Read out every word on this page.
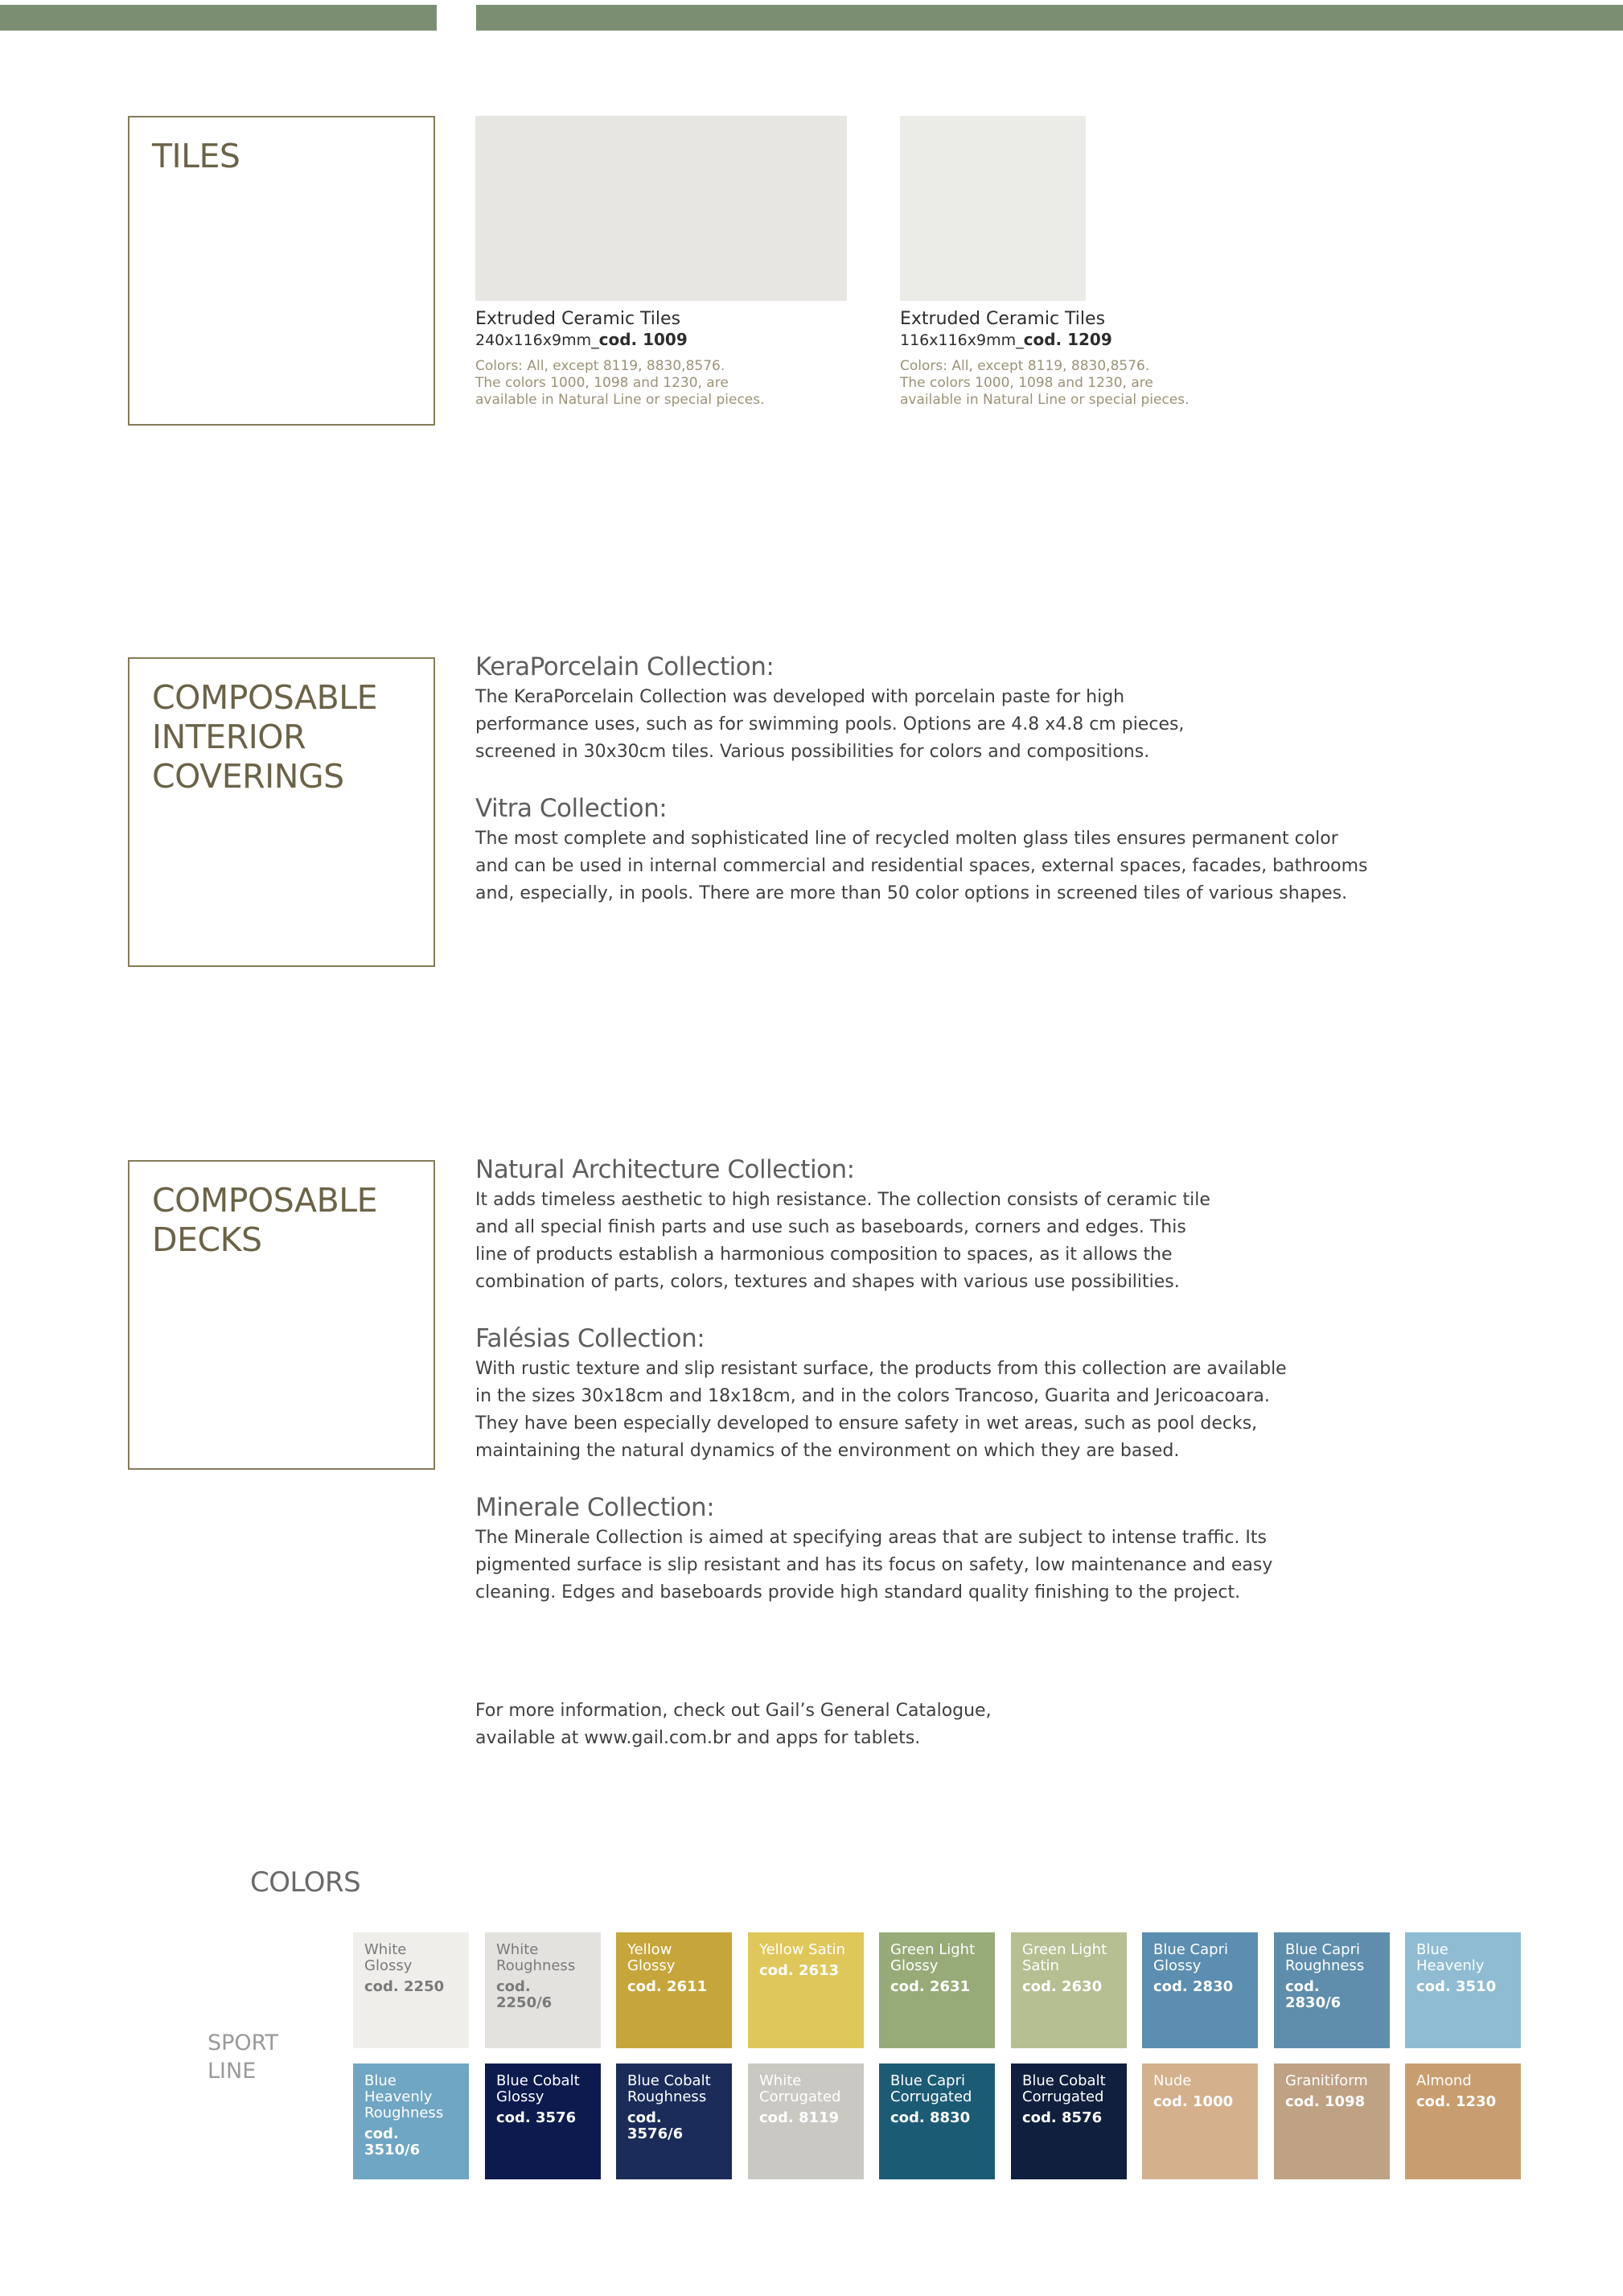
TILES
Extruded Ceramic Tiles
240x116x9mm_cod. 1009
Colors: All, except 8119, 8830,8576.
The colors 1000, 1098 and 1230, are
available in Natural Line or special pieces.
Extruded Ceramic Tiles
116x116x9mm_cod. 1209
Colors: All, except 8119, 8830,8576.
The colors 1000, 1098 and 1230, are
available in Natural Line or special pieces.
COMPOSABLE
INTERIOR
COVERINGS
KeraPorcelain Collection:

The KeraPorcelain Collection was developed with porcelain paste for high
performance uses, such as for swimming pools. Options are 4.8 x4.8 cm pieces,
screened in 30x30cm tiles. Various possibilities for colors and compositions.

Vitra Collection:

The most complete and sophisticated line of recycled molten glass tiles ensures permanent color
and can be used in internal commercial and residential spaces, external spaces, facades, bathrooms
and, especially, in pools. There are more than 50 color options in screened tiles of various shapes.

COMPOSABLE
DECKS
Natural Architecture Collection:

It adds timeless aesthetic to high resistance. The collection consists of ceramic tile
and all special finish parts and use such as baseboards, corners and edges. This
line of products establish a harmonious composition to spaces, as it allows the
combination of parts, colors, textures and shapes with various use possibilities.

Falésias Collection:

With rustic texture and slip resistant surface, the products from this collection are available
in the sizes 30x18cm and 18x18cm, and in the colors Trancoso, Guarita and Jericoacoara.
They have been especially developed to ensure safety in wet areas, such as pool decks,
maintaining the natural dynamics of the environment on which they are based.

Minerale Collection:

The Minerale Collection is aimed at specifying areas that are subject to intense traffic. Its
pigmented surface is slip resistant and has its focus on safety, low maintenance and easy
cleaning. Edges and baseboards provide high standard quality finishing to the project.

For more information, check out Gail’s General Catalogue,
available at www.gail.com.br and apps for tablets.
COLORS
SPORT
LINE
White Glossy
cod. 2250
White
Roughness
cod. 2250/6
Yellow
Glossy
cod. 2611
Yellow Satin
cod. 2613
Green Light
Glossy
cod. 2631
Green Light
Satin
cod. 2630
Blue Capri
Glossy
cod. 2830
Blue Capri
Roughness
cod. 2830/6
Blue
Heavenly
cod. 3510
Blue
Heavenly
Roughness
cod. 3510/6
Blue Cobalt
Glossy
cod. 3576
Blue Cobalt
Roughness
cod. 3576/6
White
Corrugated
cod. 8119
Blue Capri
Corrugated
cod. 8830
Blue Cobalt
Corrugated
cod. 8576
Nude
cod. 1000
Granitiform
cod. 1098
Almond
cod. 1230
